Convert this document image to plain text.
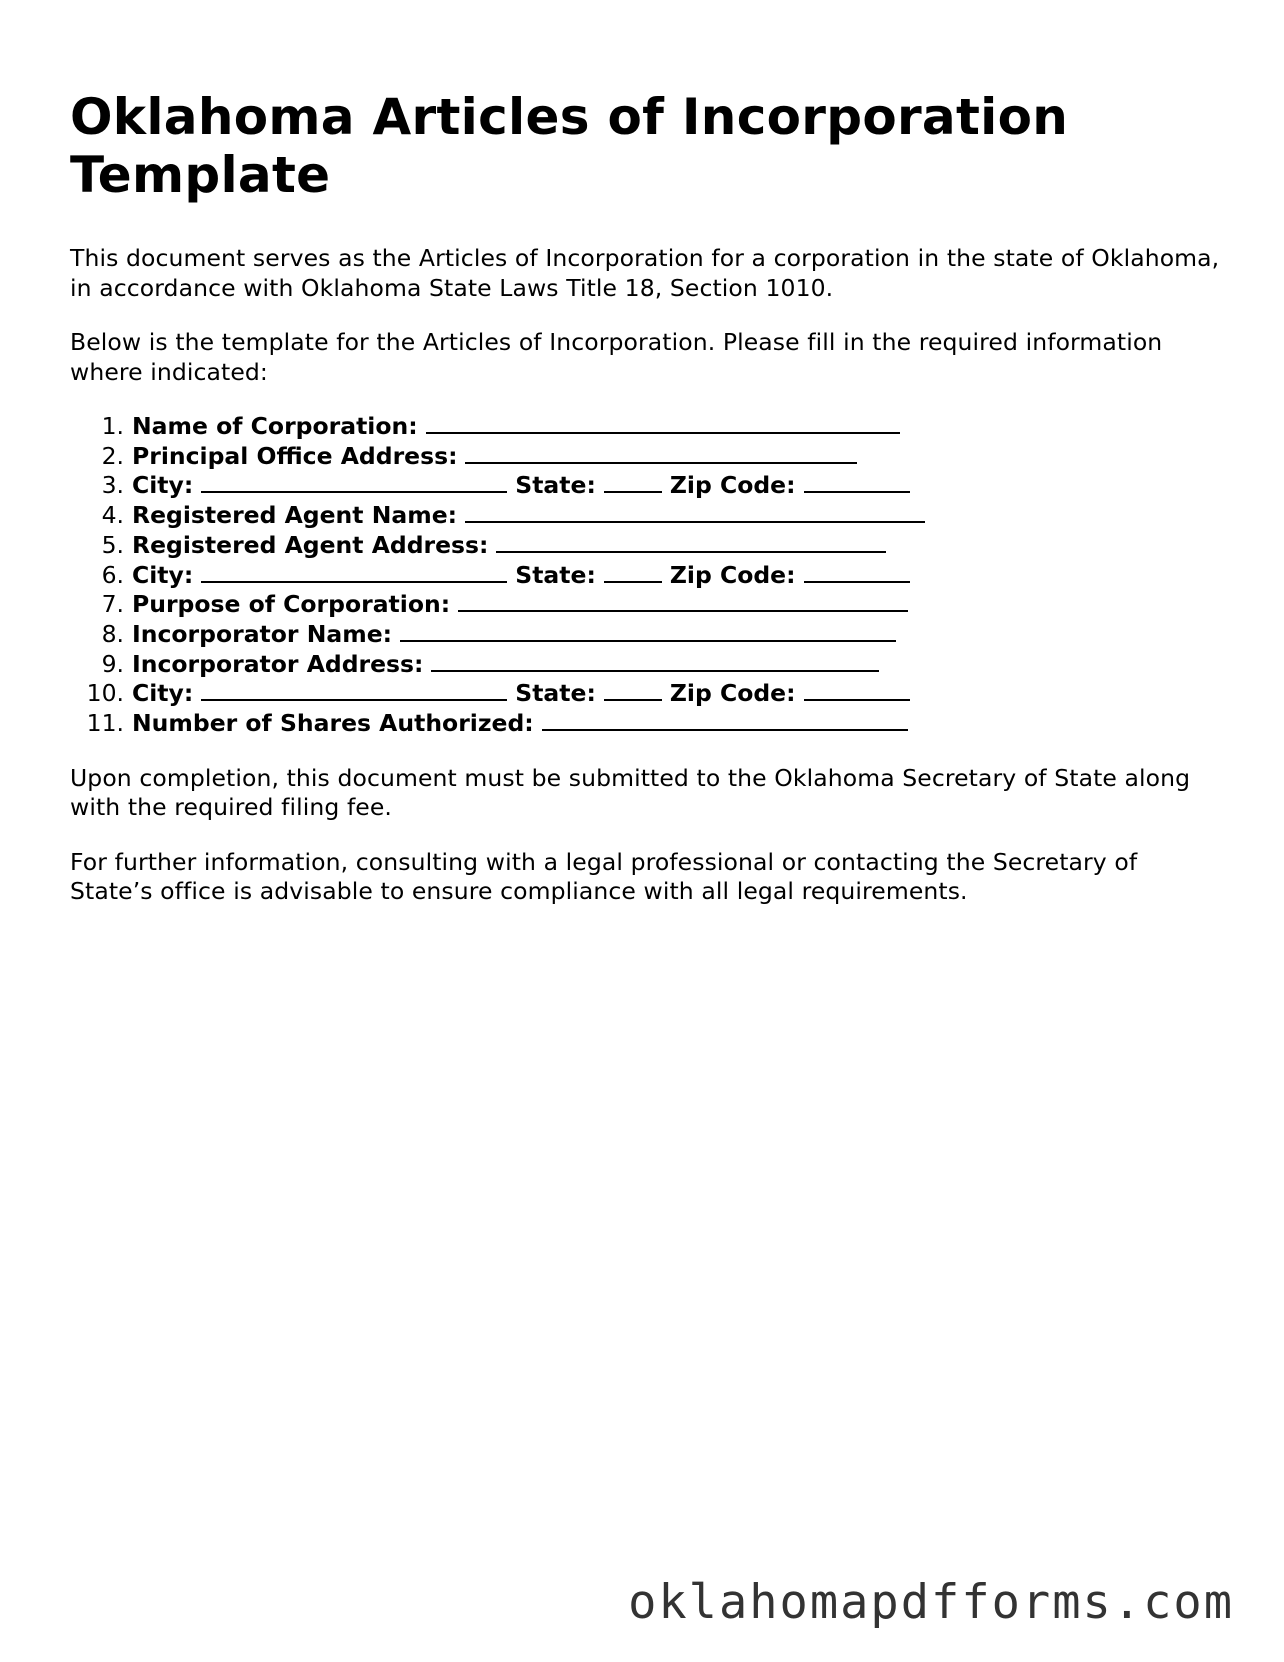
Oklahoma Articles of Incorporation Template

This document serves as the Articles of Incorporation for a corporation in the state of Oklahoma, in accordance with Oklahoma State Laws Title 18, Section 1010.

Below is the template for the Articles of Incorporation. Please fill in the required information where indicated:

1. Name of Corporation:
2. Principal Office Address:
3. City:	State:	Zip Code:
4. Registered Agent Name:
5. Registered Agent Address:
6. City:	State:	Zip Code:
7. Purpose of Corporation:
8. Incorporator Name:
9. Incorporator Address:
10. City:	State:	Zip Code:
11. Number of Shares Authorized:

Upon completion, this document must be submitted to the Oklahoma Secretary of State along with the required filing fee.

For further information, consulting with a legal professional or contacting the Secretary of State’s office is advisable to ensure compliance with all legal requirements.

oklahomapdfforms.com
